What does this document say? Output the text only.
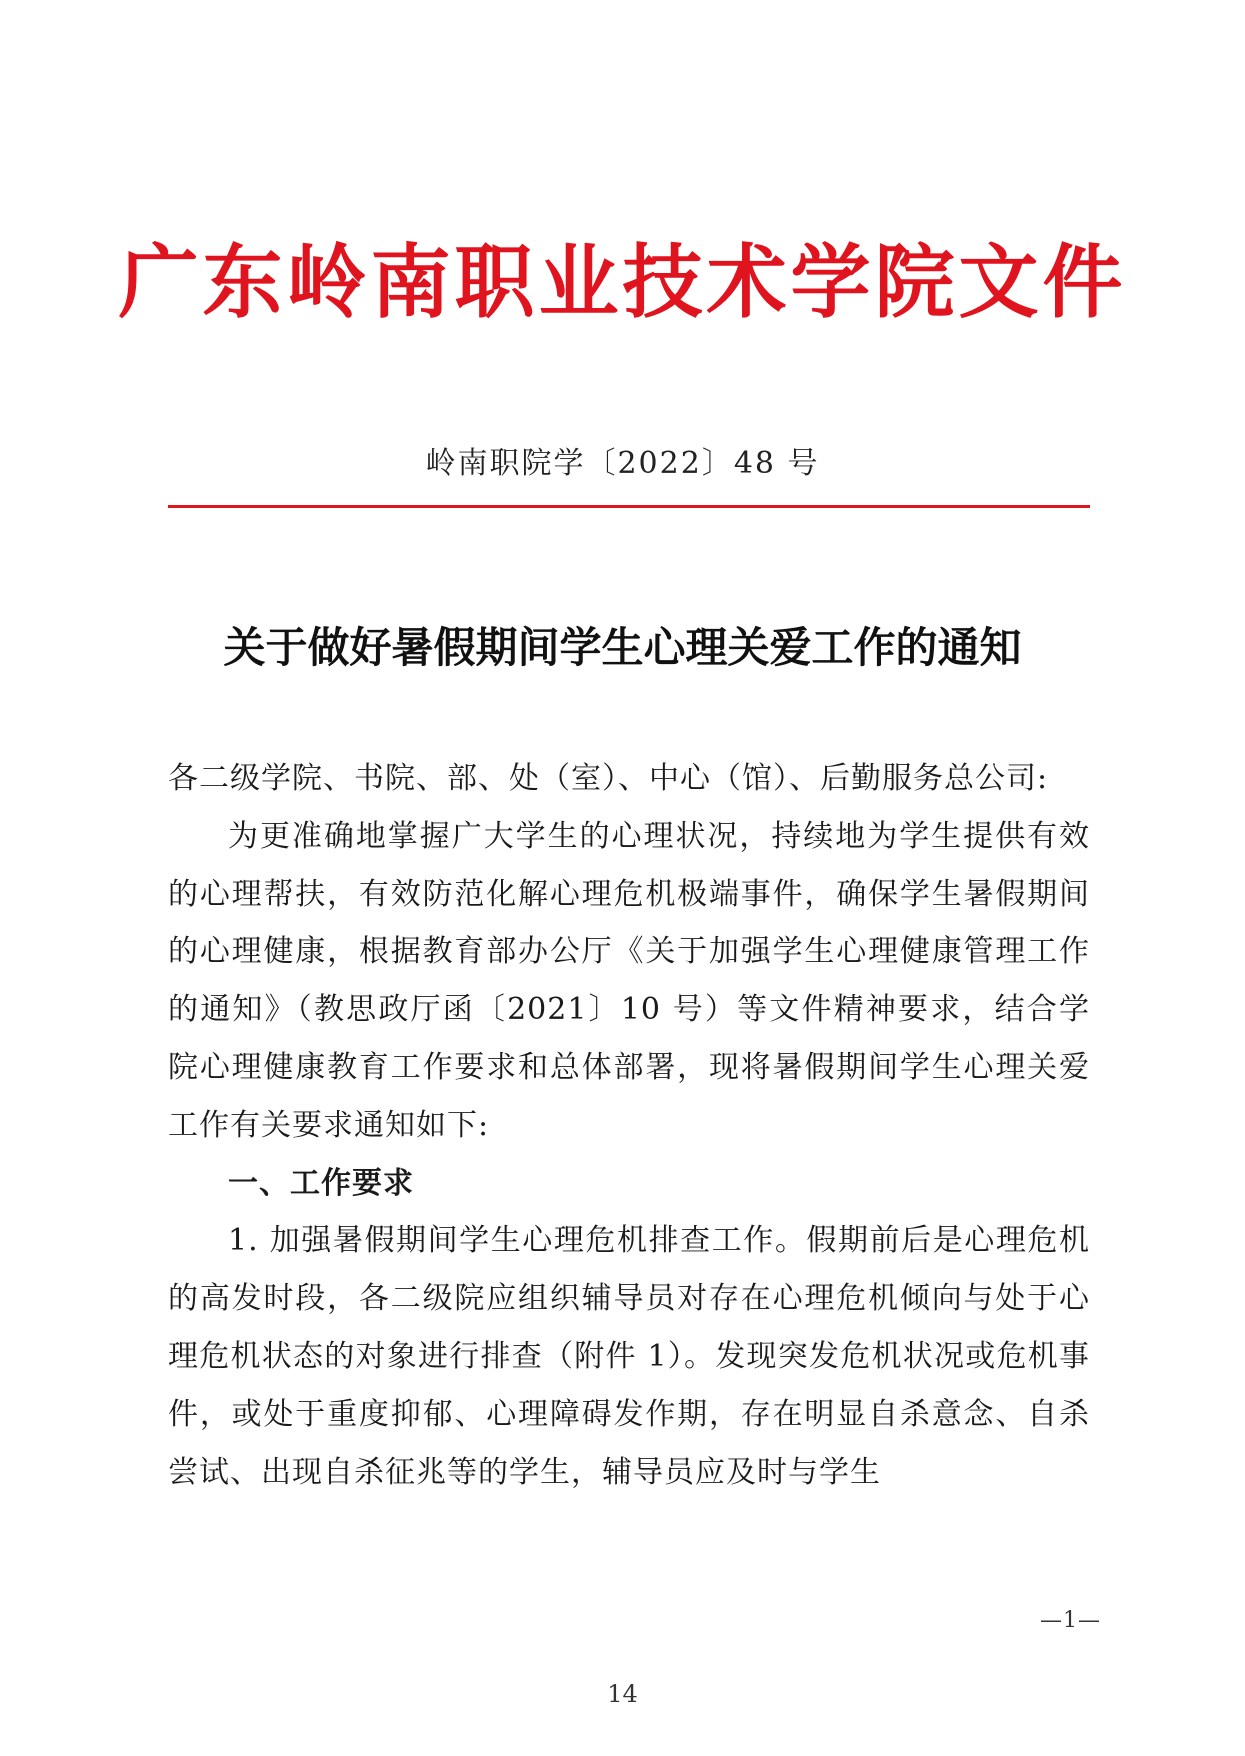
广东岭南职业技术学院文件
岭南职院学〔2022〕48 号
关于做好暑假期间学生心理关爱工作的通知

各二级学院、书院、部、处（室）、中心（馆）、后勤服务总公司:

为更准确地掌握广大学生的心理状况，持续地为学生提供有效的心理帮扶，有效防范化解心理危机极端事件，确保学生暑假期间的心理健康，根据教育部办公厅《关于加强学生心理健康管理工作的通知》（教思政厅函〔2021〕10 号）等文件精神要求，结合学院心理健康教育工作要求和总体部署，现将暑假期间学生心理关爱工作有关要求通知如下:

一、工作要求

1. 加强暑假期间学生心理危机排查工作。假期前后是心理危机的高发时段，各二级院应组织辅导员对存在心理危机倾向与处于心理危机状态的对象进行排查（附件 1）。发现突发危机状况或危机事件，或处于重度抑郁、心理障碍发作期，存在明显自杀意念、自杀尝试、出现自杀征兆等的学生，辅导员应及时与学生

—1—
14
